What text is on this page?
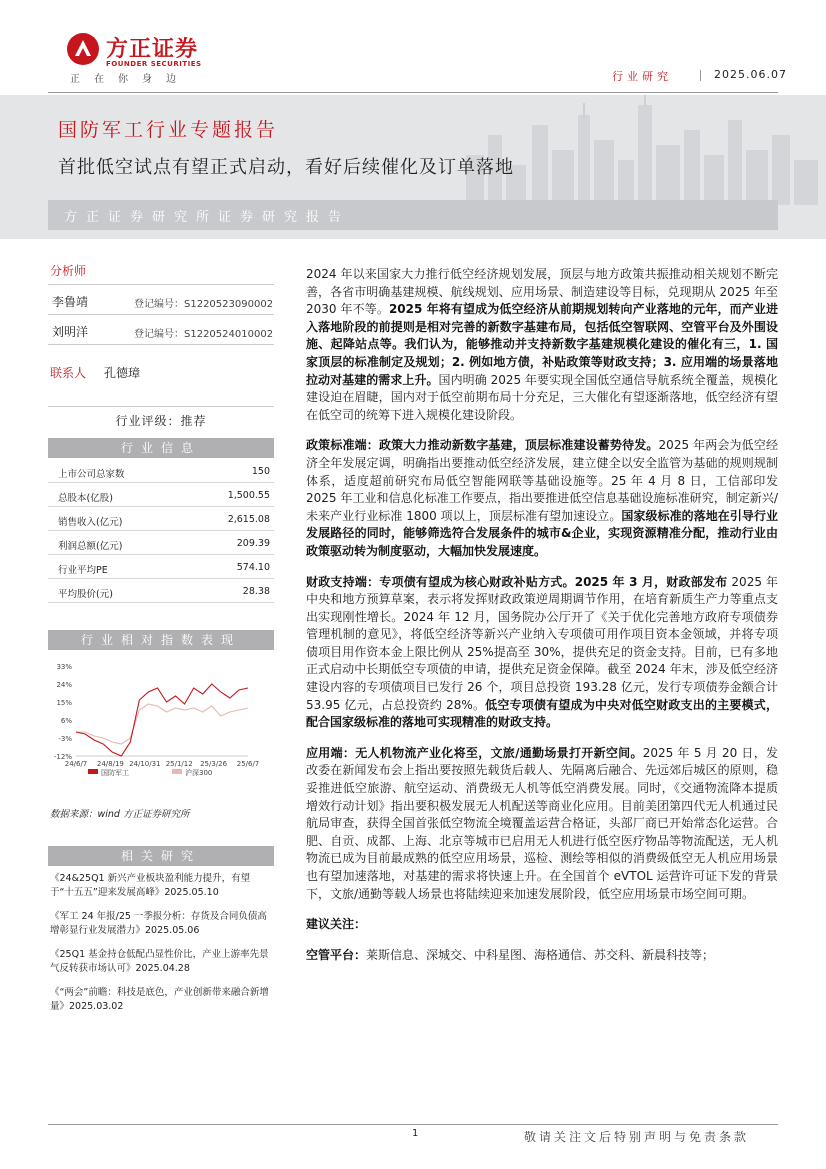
方正证券
FOUNDER SECURITIES
正在你身边	行业研究	2025.06.07
国防军工行业专题报告
首批低空试点有望正式启动，看好后续催化及订单落地
方正证券研究所证券研究报告
分析师
李鲁靖	登记编号：S1220523090002
刘明洋	登记编号：S1220524010002
联系人 孔德璋
行业评级：推荐
行业信息
上市公司总家数	150
总股本(亿股)	1,500.55
销售收入(亿元)	2,615.08
利润总额(亿元)	209.39
行业平均PE	574.10
平均股价(元)	28.38
行业相对指数表现
33%
24%
15%
6%
-3%
-12%
24/6/7 24/8/19 24/10/31 25/1/12 25/3/26 25/6/7
国防军工	沪深300
数据来源：wind 方正证券研究所
相关研究
《24&25Q1 新兴产业板块盈利能力提升，有望于“十五五”迎来发展高峰》2025.05.10
《军工 24 年报/25 一季报分析：存货及合同负债高增彰显行业发展潜力》2025.05.06
《25Q1 基金持仓低配凸显性价比，产业上游率先景气反转获市场认可》2025.04.28
《“两会”前瞻：科技是底色，产业创新带来融合新增量》2025.03.02

2024 年以来国家大力推行低空经济规划发展，顶层与地方政策共振推动相关规划不断完善，各省市明确基建规模、航线规划、应用场景、制造建设等目标，兑现期从 2025 年至 2030 年不等。2025 年将有望成为低空经济从前期规划转向产业落地的元年，而产业进入落地阶段的前提则是相对完善的新数字基建布局，包括低空智联网、空管平台及外围设施、起降站点等。我们认为，能够推动并支持新数字基建规模化建设的催化有三，1. 国家顶层的标准制定及规划；2. 例如地方债，补贴政策等财政支持；3. 应用端的场景落地拉动对基建的需求上升。国内明确 2025 年要实现全国低空通信导航系统全覆盖，规模化建设迫在眉睫，国内对于低空前期布局十分充足，三大催化有望逐渐落地，低空经济有望在低空司的统筹下进入规模化建设阶段。

政策标准端：政策大力推动新数字基建，顶层标准建设蓄势待发。2025 年两会为低空经济全年发展定调，明确指出要推动低空经济发展，建立健全以安全监管为基础的规则规制体系，适度超前研究布局低空智能网联等基础设施等。25 年 4 月 8 日，工信部印发 2025 年工业和信息化标准工作要点，指出要推进低空信息基础设施标准研究，制定新兴/未来产业行业标准 1800 项以上，顶层标准有望加速设立。国家级标准的落地在引导行业发展路径的同时，能够筛选符合发展条件的城市&企业，实现资源精准分配，推动行业由政策驱动转为制度驱动，大幅加快发展速度。

财政支持端：专项债有望成为核心财政补贴方式。2025 年 3 月，财政部发布 2025 年中央和地方预算草案，表示将发挥财政政策逆周期调节作用，在培育新质生产力等重点支出实现刚性增长。2024 年 12 月，国务院办公厅开了《关于优化完善地方政府专项债券管理机制的意见》，将低空经济等新兴产业纳入专项债可用作项目资本金领域，并将专项债项目用作资本金上限比例从 25%提高至 30%，提供充足的资金支持。目前，已有多地正式启动中长期低空专项债的申请，提供充足资金保障。截至 2024 年末，涉及低空经济建设内容的专项债项目已发行 26 个，项目总投资 193.28 亿元，发行专项债券金额合计 53.95 亿元，占总投资约 28%。低空专项债有望成为中央对低空财政支出的主要模式，配合国家级标准的落地可实现精准的财政支持。

应用端：无人机物流产业化将至，文旅/通勤场景打开新空间。2025 年 5 月 20 日，发改委在新闻发布会上指出要按照先载货后载人、先隔离后融合、先远郊后城区的原则，稳妥推进低空旅游、航空运动、消费级无人机等低空消费发展。同时，《交通物流降本提质增效行动计划》指出要积极发展无人机配送等商业化应用。目前美团第四代无人机通过民航局审查，获得全国首张低空物流全境覆盖运营合格证，头部厂商已开始常态化运营。合肥、自贡、成都、上海、北京等城市已启用无人机进行低空医疗物品等物流配送，无人机物流已成为目前最成熟的低空应用场景，巡检、测绘等相似的消费级低空无人机应用场景也有望加速落地，对基建的需求将快速上升。在全国首个 eVTOL 运营许可证下发的背景下，文旅/通勤等载人场景也将陆续迎来加速发展阶段，低空应用场景市场空间可期。

建议关注：

空管平台：莱斯信息、深城交、中科星图、海格通信、苏交科、新晨科技等；

1	敬请关注文后特别声明与免责条款
